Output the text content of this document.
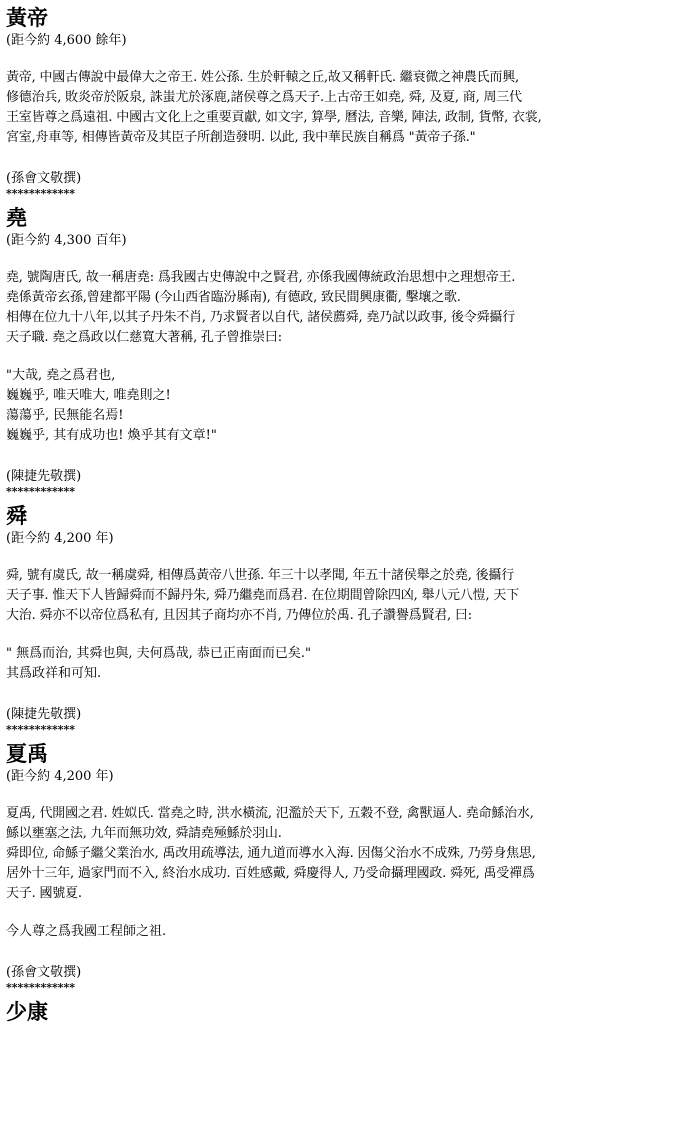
黃帝
(距今約 4,600 餘年)
黃帝, 中國古傳說中最偉大之帝王. 姓公孫. 生於軒轅之丘,故又稱軒氏. 繼衰微之神農氏而興,
修德治兵, 敗炎帝於阪泉, 誅蚩尤於涿鹿,諸侯尊之爲天子.上古帝王如堯, 舜, 及夏, 商, 周三代
王室皆尊之爲遠祖. 中國古文化上之重要貢獻, 如文字, 算學, 曆法, 音樂, 陣法, 政制, 貨幣, 衣裳,
宮室,舟車等, 相傳皆黃帝及其臣子所創造發明. 以此, 我中華民族自稱爲 "黃帝子孫."
(孫會文敬撰)
************
堯
(距今約 4,300 百年)
堯, 號陶唐氏, 故一稱唐堯: 爲我國古史傳說中之賢君, 亦係我國傳統政治思想中之理想帝王.
堯係黃帝玄孫,曾建都平陽 (今山西省臨汾縣南), 有德政, 致民間興康衢, 擊壤之歌.
相傳在位九十八年,以其子丹朱不肖, 乃求賢者以自代, 諸侯薦舜, 堯乃試以政事, 後令舜攝行
天子職. 堯之爲政以仁慈寬大著稱, 孔子曾推崇曰:
"大哉, 堯之爲君也,
巍巍乎, 唯天唯大, 唯堯則之!
蕩蕩乎, 民無能名焉!
巍巍乎, 其有成功也! 煥乎其有文章!"
(陳捷先敬撰)
************
舜
(距今約 4,200 年)
舜, 號有虞氏, 故一稱虞舜, 相傳爲黃帝八世孫. 年三十以孝聞, 年五十諸侯舉之於堯, 後攝行
天子事. 惟天下人皆歸舜而不歸丹朱, 舜乃繼堯而爲君. 在位期間曾除四凶, 舉八元八愷, 天下
大治. 舜亦不以帝位爲私有, 且因其子商均亦不肖, 乃傳位於禹. 孔子讚譽爲賢君, 曰:
" 無爲而治, 其舜也與, 夫何爲哉, 恭已正南面而已矣."
其爲政祥和可知.
(陳捷先敬撰)
************
夏禹
(距今約 4,200 年)
夏禹, 代開國之君. 姓姒氏. 當堯之時, 洪水橫流, 氾濫於天下, 五穀不登, 禽獸逼人. 堯命鯀治水,
鯀以壅塞之法, 九年而無功效, 舜請堯殛鯀於羽山.
舜即位, 命鯀子繼父業治水, 禹改用疏導法, 通九道而導水入海. 因傷父治水不成殊, 乃勞身焦思,
居外十三年, 過家門而不入, 終治水成功. 百姓感戴, 舜慶得人, 乃受命攝理國政. 舜死, 禹受禪爲
天子. 國號夏.
今人尊之爲我國工程師之祖.
(孫會文敬撰)
************
少康
